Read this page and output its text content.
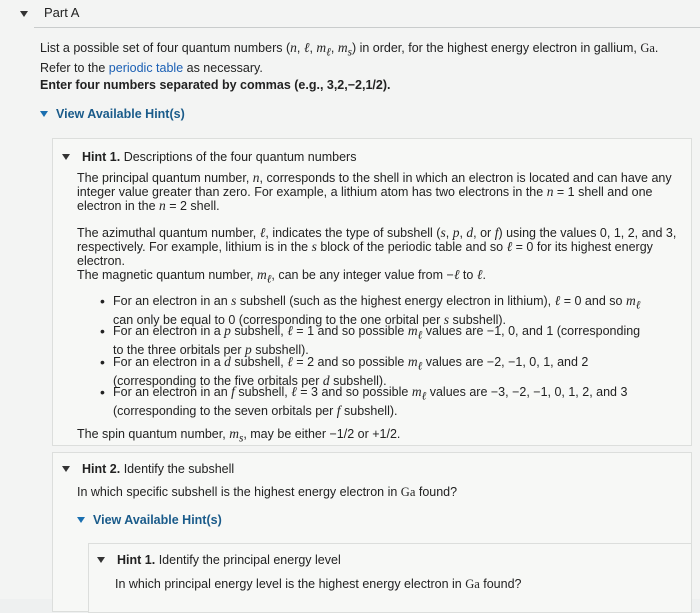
Part A
List a possible set of four quantum numbers (n, ℓ, $m_\ell$, $m_s$) in order, for the highest energy electron in gallium, Ga. Refer to the periodic table as necessary.
Enter four numbers separated by commas (e.g., 3,2,−2,1/2).
View Available Hint(s)
Hint 1.
Descriptions of the four quantum numbers
The principal quantum number, n, corresponds to the shell in which an electron is located and can have any integer value greater than zero. For example, a lithium atom has two electrons in the n = 1 shell and one electron in the n = 2 shell.
The azimuthal quantum number, ℓ, indicates the type of subshell (s, p, d, or f) using the values 0, 1, 2, and 3, respectively. For example, lithium is in the s block of the periodic table and so ℓ = 0 for its highest energy electron.
The magnetic quantum number, $m_\ell$, can be any integer value from −ℓ to ℓ.
• For an electron in an s subshell (such as the highest energy electron in lithium), ℓ = 0 and so $m_\ell$ can only be equal to 0 (corresponding to the one orbital per s subshell).
• For an electron in a p subshell, ℓ = 1 and so possible $m_\ell$ values are −1, 0, and 1 (corresponding to the three orbitals per p subshell).
• For an electron in a d subshell, ℓ = 2 and so possible $m_\ell$ values are −2, −1, 0, 1, and 2 (corresponding to the five orbitals per d subshell).
• For an electron in an f subshell, ℓ = 3 and so possible $m_\ell$ values are −3, −2, −1, 0, 1, 2, and 3 (corresponding to the seven orbitals per f subshell).
The spin quantum number, $m_s$, may be either −1/2 or +1/2.
Hint 2.
Identify the subshell
In which specific subshell is the highest energy electron in Ga found?
View Available Hint(s)
Hint 1.
Identify the principal energy level
In which principal energy level is the highest energy electron in Ga found?
